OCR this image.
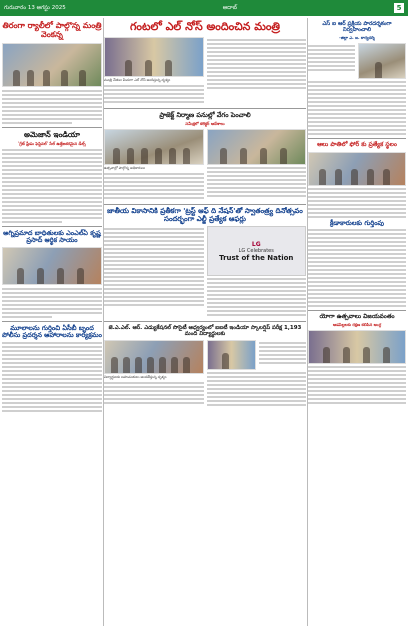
గురువారం 13 ఆగస్టు 2025	ఆదాబ్	5
తిరంగా ర్యాలీలో పాల్గొన్న మంత్రి వెంకన్న
అమెజాన్ ఇండియా
'గ్రేట్ ఫ్రీడం ఫెస్టివల్' సేల్ ఉత్తేజకరమైన డీల్స్
అగ్నిప్రమాద బాధితులకు ఎంఎల్ఏ కృష్ణ ప్రసాద్ ఆర్థిక సాయం
మూలాలను గుర్తించి ఏసీబీ బృంద పోలీసు ప్రదర్శన ఆహారాలను కార్యక్రమం
గంటలో ఎల్ నోస్ అందించిన మంత్రి
మంత్రి చేతుల మీదుగా ఎల్ నోస్ అందిస్తున్న దృశ్యం
ప్రాజెక్ట్ నిర్మాణ పనుల్లో వేగం పెంచాలి
సమీక్షలో కలెక్టర్ ఆదేశాలు
ఉత్సవాల్లో పాల్గొన్న అధికారులు
జాతీయ వికాసానికి ప్రతీకగా 'ట్రస్ట్ ఆఫ్ ది నేషన్'తో స్వాతంత్ర్య దినోత్సవం సందర్భంగా ఎల్జీ ప్రత్యేక ఆఫర్లు
LG
LG Celebrates
Trust of the Nation
జె.ఎ.ఎల్. ఆర్. ఎడ్యుకేషనల్ సొసైటీ ఆధ్వర్యంలో ఐఐటీ ఇండియా స్కాలర్షిప్ పరీక్ష 1,193 మంది విద్యార్థులకు
విద్యార్థులకు బహుమతులు అందజేస్తున్న దృశ్యం
ఎస్ ఐ ఆర్ ప్రక్రియ పారదర్శకంగా నిర్వహించాలి
-జిల్లా ఎ. ఐ. కార్యదర్శి
ఆలు పాతిలో ఫోర్ కు ప్రత్యేక స్థలం
క్రీడాకారులకు గుర్తింపు
యోగా ఉత్సవాలు విజయవంతం
ఆడపిల్లలకు రక్షణ కలిపిన ఆంగ్ల
